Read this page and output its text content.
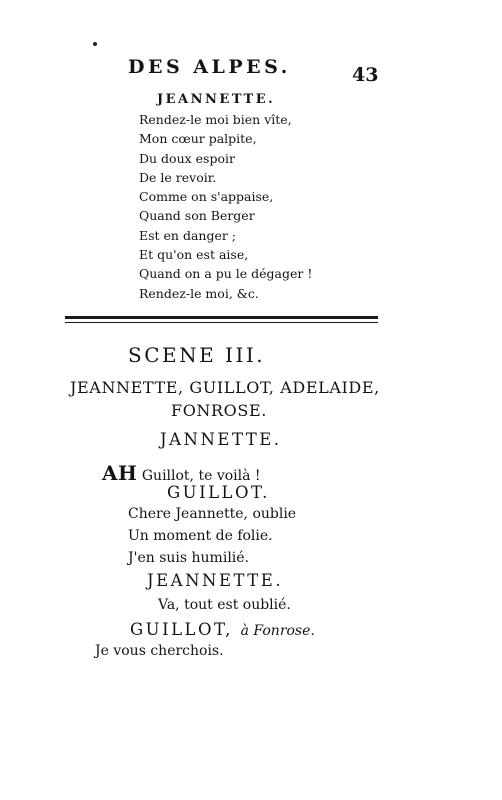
DES ALPES.	43
JEANNETTE.
Rendez-le moi bien vîte,
Mon cœur palpite,
Du doux espoir
De le revoir.
Comme on s'appaise,
Quand son Berger
Est en danger ;
Et qu'on est aise,
Quand on a pu le dégager !
Rendez-le moi, &c.
SCENE III.
JEANNETTE, GUILLOT, ADELAIDE,
FONROSE.
JANNETTE.
AH Guillot, te voilà !
GUILLOT.
Chere Jeannette, oublie
Un moment de folie.
J'en suis humilié.
JEANNETTE.
Va, tout est oublié.
GUILLOT, à Fonrose.
Je vous cherchois.
